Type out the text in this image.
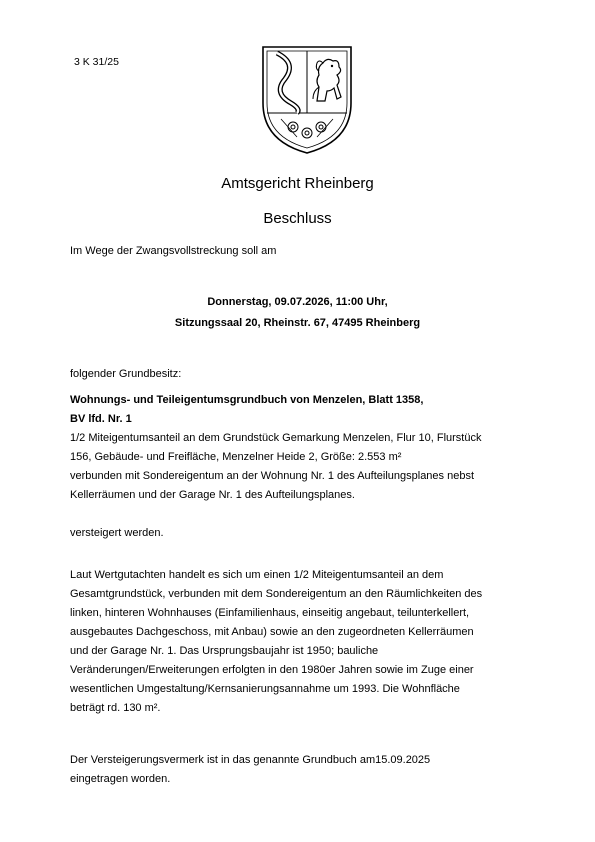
3 K 31/25
Amtsgericht Rheinberg
Beschluss
Im Wege der Zwangsvollstreckung soll am

Donnerstag, 09.07.2026, 11:00 Uhr,

Sitzungssaal 20, Rheinstr. 67, 47495 Rheinberg

folgender Grundbesitz:
Wohnungs- und Teileigentumsgrundbuch von Menzelen, Blatt 1358,
BV lfd. Nr. 1
1/2 Miteigentumsanteil an dem Grundstück Gemarkung Menzelen, Flur 10, Flurstück
156, Gebäude- und Freifläche, Menzelner Heide 2, Größe: 2.553 m²
verbunden mit Sondereigentum an der Wohnung Nr. 1 des Aufteilungsplanes nebst
Kellerräumen und der Garage Nr. 1 des Aufteilungsplanes.
versteigert werden.
Laut Wertgutachten handelt es sich um einen 1/2 Miteigentumsanteil an dem
Gesamtgrundstück, verbunden mit dem Sondereigentum an den Räumlichkeiten des
linken, hinteren Wohnhauses (Einfamilienhaus, einseitig angebaut, teilunterkellert,
ausgebautes Dachgeschoss, mit Anbau) sowie an den zugeordneten Kellerräumen
und der Garage Nr. 1. Das Ursprungsbaujahr ist 1950; bauliche
Veränderungen/Erweiterungen erfolgten in den 1980er Jahren sowie im Zuge einer
wesentlichen Umgestaltung/Kernsanierungsannahme um 1993. Die Wohnfläche
beträgt rd. 130 m².
Der Versteigerungsvermerk ist in das genannte Grundbuch am15.09.2025
eingetragen worden.
